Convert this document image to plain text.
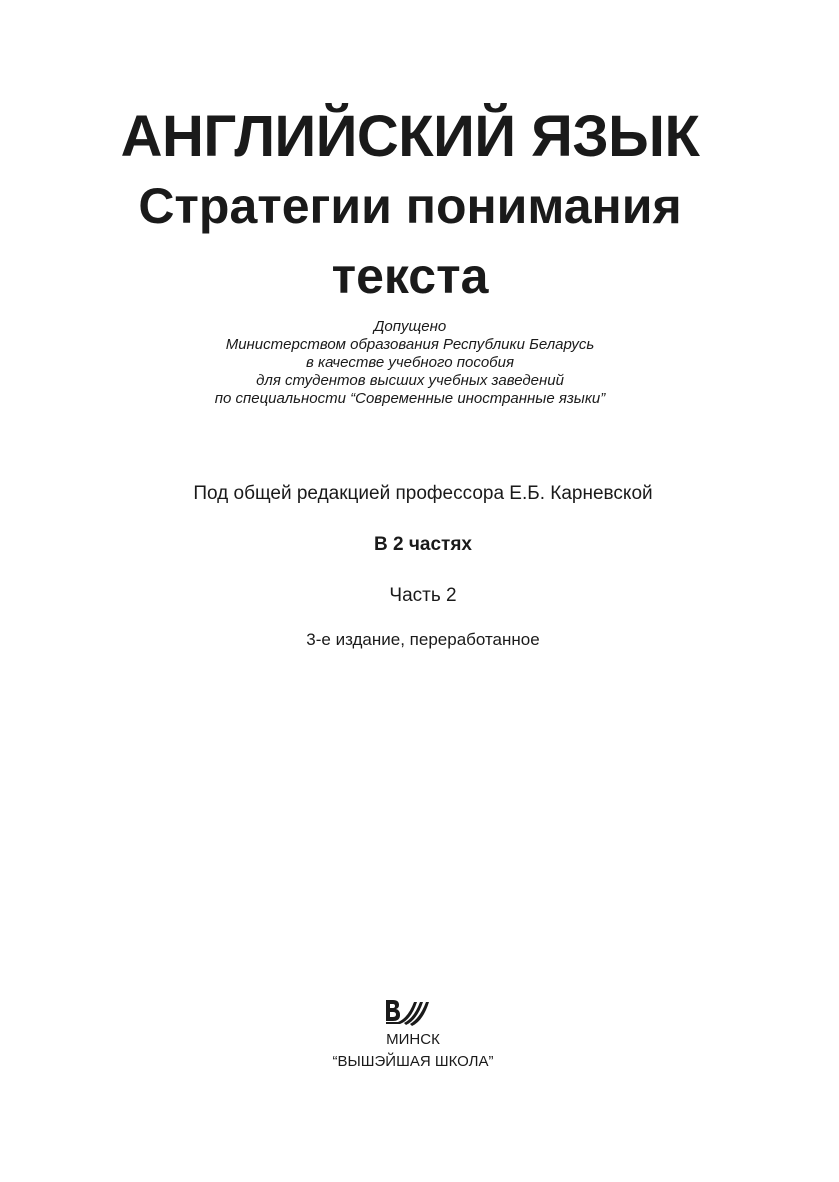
АНГЛИЙСКИЙ ЯЗЫК
Стратегии понимания
текста
Допущено
Министерством образования Республики Беларусь
в качестве учебного пособия
для студентов высших учебных заведений
по специальности “Современные иностранные языки”
Под общей редакцией профессора Е.Б. Карневской
В 2 частях
Часть 2
3-е издание, переработанное
МИНСК
“ВЫШЭЙШАЯ ШКОЛА”
